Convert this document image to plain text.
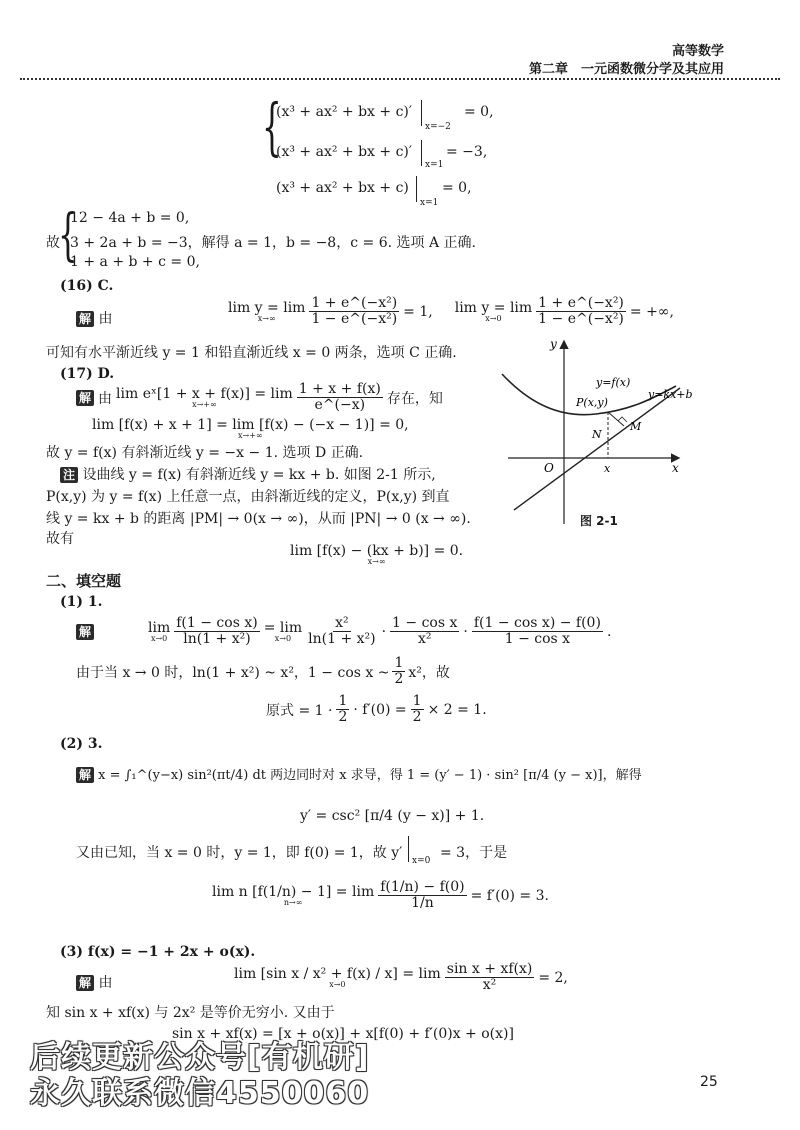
高等数学
第二章　一元函数微分学及其应用
{
(x³ + ax² + bx + c)′
x=−2
= 0,
(x³ + ax² + bx + c)′
x=1
= −3,
(x³ + ax² + bx + c)
x=1
= 0,
故
{
12 − 4a + b = 0,
3 + 2a + b = −3，解得 a = 1，b = −8，c = 6. 选项 A 正确.
1 + a + b + c = 0,
(16) C.
解 由
lim y = lim
$x\to\infty \frac{\text{1 + e\textasciicircum{}(−x²)}}{\text{1 − e\textasciicircum{}(−x²)}} = 1$, lim y = lim
$x\to 0 \frac{\text{1 + e\textasciicircum{}(−x²)}}{\text{1 − e\textasciicircum{}(−x²)}}$ = +∞,
可知有水平渐近线 y = 1 和铅直渐近线 x = 0 两条，选项 C 正确.
(17) D.
解 由 lim eˣ[1 + x + f(x)] = lim
x→+∞	$\frac{1 + x + f(x)}{e\^{}(-x)}$ 存在，知
lim [f(x) + x + 1] = lim [f(x) − (−x − 1)] = 0,
x→+∞
故 y = f(x) 有斜渐近线 y = −x − 1. 选项 D 正确.
注 设曲线 y = f(x) 有斜渐近线 y = kx + b. 如图 2-1 所示,
P(x,y) 为 y = f(x) 上任意一点，由斜渐近线的定义，P(x,y) 到直
线 y = kx + b 的距离 |PM| → 0(x → ∞)，从而 |PN| → 0 (x → ∞).
故有
lim [f(x) − (kx + b)] = 0.
x→∞
y
x
O
y=f(x)
y=kx+b
P(x,y)
N
M
x
图 2-1
二、填空题
(1) 1.
解	lim
$x\to 0 \frac{\text{f(1 − cos x)}}{\text{ln(1 + x²)}} = \lim$
$x\to 0 \frac{\text{x²}}{\text{ln(1 + x²)}} \cdot \frac{\text{1 − cos x}}{\text{x²}} \cdot \frac{\text{f(1 − cos x) − f(0)}}{\text{1 − cos x}}$ .
由于当 x → 0 时，ln(1 + x²) ~ x²，1 − cos x ~ $\frac{1}{2} x^2$，故
原式 = $1 \cdot \frac{1}{2} \cdot f'(0) = \frac{1}{2} \times 2 = 1$.
(2) 3.
解 x = ∫₁^(y−x) sin²(πt/4) dt 两边同时对 x 求导，得 1 = (y′ − 1) · sin² [π/4 (y − x)]，解得
y′ = csc² [π/4 (y − x)] + 1.
又由已知，当 x = 0 时，y = 1，即 f(0) = 1，故 y′ x=0 = 3，于是
lim n [f(1/n) − 1] = lim
n→∞	$\frac{f(1/n) - f(0)}{1/n} = f'(0) = 3$.
(3) f(x) = −1 + 2x + o(x).
解 由
lim [sin x / x² + f(x) / x] = lim
x→0	$\frac{\text{sin x + xf(x)}}{\text{x²}} = 2$,
知 sin x + xf(x) 与 2x² 是等价无穷小. 又由于
sin x + xf(x) = [x + o(x)] + x[f(0) + f′(0)x + o(x)]
后续更新公众号[有机研]
永久联系微信4550060	25
